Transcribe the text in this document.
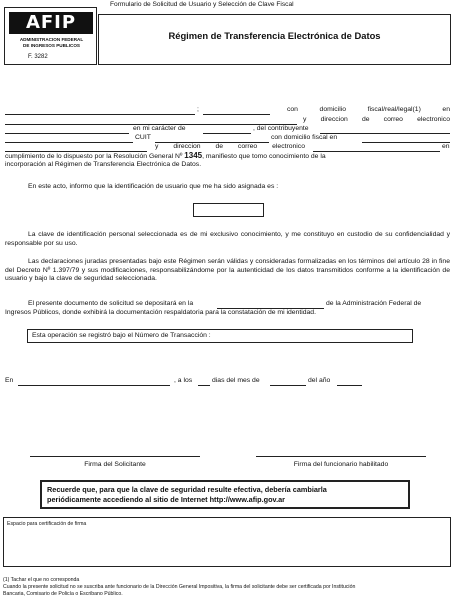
Formulario de Solicitud de Usuario y Selección de Clave Fiscal
AFIP
ADMINISTRACION FEDERAL
DE INGRESOS PUBLICOS
F. 3282
Régimen de Transferencia Electrónica de Datos
;	con domicilio fiscal/real/legal(1) en
y direccion de correo electronico
en mi carácter de	, del contribuyente
CUIT	con domicilio fiscal en
y direccion de correo electronico	en
cumplimiento de lo dispuesto por la Resolución General Nº 1345, manifiesto que tomo conocimiento de la
incorporación al Régimen de Transferencia Electrónica de Datos.
En este acto, informo que la identificación de usuario que me ha sido asignada es :
La clave de identificación personal seleccionada es de mi exclusivo conocimiento, y me constituyo en custodio de su confidencialidad y responsable por su uso.
Las declaraciones juradas presentadas bajo este Régimen serán válidas y consideradas formalizadas en los términos del artículo 28 in fine del Decreto Nº 1.397/79 y sus modificaciones, responsabilizándome por la autenticidad de los datos transmitidos conforme a la identificación de usuario y bajo la clave de seguridad seleccionada.
El presente documento de solicitud se depositará en la	de la Administración Federal de
Ingresos Públicos, donde exhibirá la documentación respaldatoria para la constatación de mi identidad.
Esta operación se registró bajo el Número de Transacción :
En	, a los	dias del mes de	del año
Firma del Solicitante	Firma del funcionario habilitado
Recuerde que, para que la clave de seguridad resulte efectiva, debería cambiarla
periódicamente accediendo al sitio de Internet http://www.afip.gov.ar
Espacio para certificación de firma
(1) Tachar el que no corresponda
Cuando la presente solicitud no se suscriba ante funcionario de la Dirección General Impositiva, la firma del solicitante debe ser certificada por Institución
Bancaria, Comisario de Policía o Escribano Público.
